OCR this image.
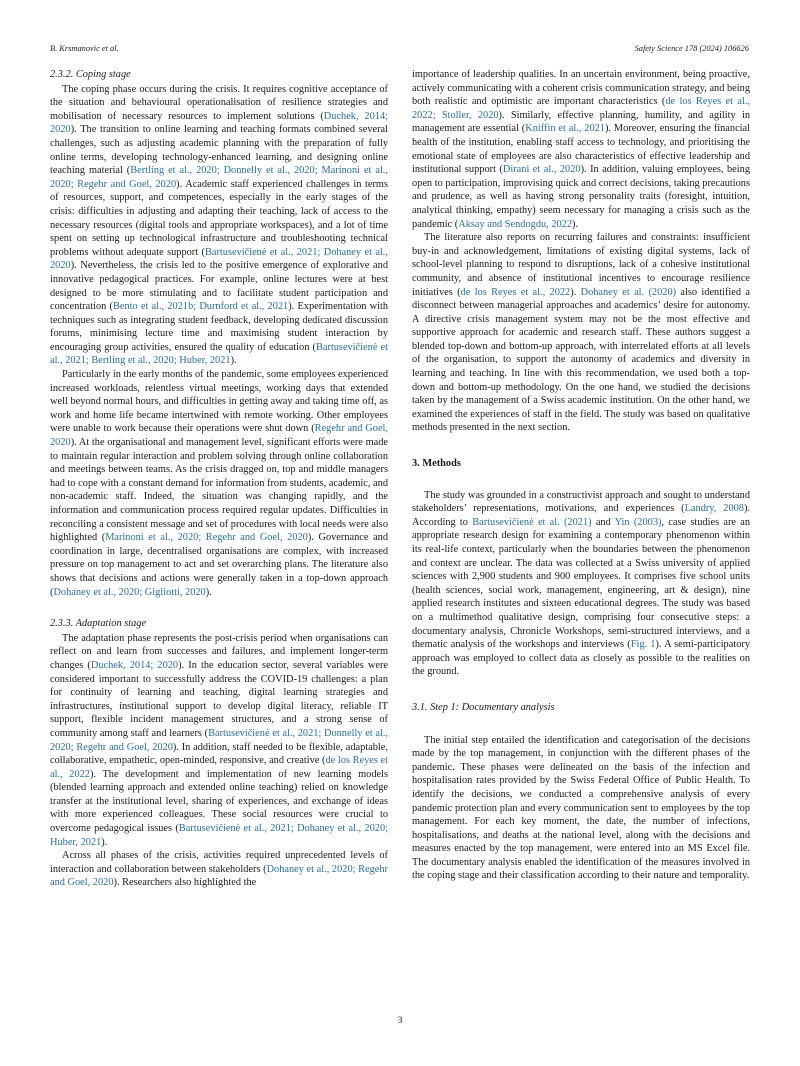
B. Krsmanovic et al.	Safety Science 178 (2024) 106626
2.3.2. Coping stage

The coping phase occurs during the crisis. It requires cognitive acceptance of the situation and behavioural operationalisation of resilience strategies and mobilisation of necessary resources to implement solutions (Duchek, 2014; 2020). The transition to online learning and teaching formats combined several challenges, such as adjusting academic planning with the preparation of fully online terms, developing technology-enhanced learning, and designing online teaching material (Bertling et al., 2020; Donnelly et al., 2020; Marinoni et al., 2020; Regehr and Goel, 2020). Academic staff experienced challenges in terms of resources, support, and competences, especially in the early stages of the crisis: difficulties in adjusting and adapting their teaching, lack of access to the necessary resources (digital tools and appropriate workspaces), and a lot of time spent on setting up technological infrastructure and troubleshooting technical problems without adequate support (Bartusevičienė et al., 2021; Dohaney et al., 2020). Nevertheless, the crisis led to the positive emergence of explorative and innovative pedagogical practices. For example, online lectures were at best designed to be more stimulating and to facilitate student participation and concentration (Bento et al., 2021b; Durnford et al., 2021). Experimentation with techniques such as integrating student feedback, developing dedicated discussion forums, minimising lecture time and maximising student interaction by encouraging group activities, ensured the quality of education (Bartusevičienė et al., 2021; Bertling et al., 2020; Huber, 2021).

Particularly in the early months of the pandemic, some employees experienced increased workloads, relentless virtual meetings, working days that extended well beyond normal hours, and difficulties in getting away and taking time off, as work and home life became intertwined with remote working. Other employees were unable to work because their operations were shut down (Regehr and Goel, 2020). At the organisational and management level, significant efforts were made to maintain regular interaction and problem solving through online collaboration and meetings between teams. As the crisis dragged on, top and middle managers had to cope with a constant demand for information from students, academic, and non-academic staff. Indeed, the situation was changing rapidly, and the information and communication process required regular updates. Difficulties in reconciling a consistent message and set of procedures with local needs were also highlighted (Marinoni et al., 2020; Regehr and Goel, 2020). Governance and coordination in large, decentralised organisations are complex, with increased pressure on top management to act and set overarching plans. The literature also shows that decisions and actions were generally taken in a top-down approach (Dohaney et al., 2020; Gigliotti, 2020).

2.3.3. Adaptation stage

The adaptation phase represents the post-crisis period when organisations can reflect on and learn from successes and failures, and implement longer-term changes (Duchek, 2014; 2020). In the education sector, several variables were considered important to successfully address the COVID-19 challenges: a plan for continuity of learning and teaching, digital learning strategies and infrastructures, institutional support to develop digital literacy, reliable IT support, flexible incident management structures, and a strong sense of community among staff and learners (Bartusevičienė et al., 2021; Donnelly et al., 2020; Regehr and Goel, 2020). In addition, staff needed to be flexible, adaptable, collaborative, empathetic, open-minded, responsive, and creative (de los Reyes et al., 2022). The development and implementation of new learning models (blended learning approach and extended online teaching) relied on knowledge transfer at the institutional level, sharing of experiences, and exchange of ideas with more experienced colleagues. These social resources were crucial to overcome pedagogical issues (Bartusevičienė et al., 2021; Dohaney et al., 2020; Huber, 2021).

Across all phases of the crisis, activities required unprecedented levels of interaction and collaboration between stakeholders (Dohaney et al., 2020; Regehr and Goel, 2020). Researchers also highlighted the

importance of leadership qualities. In an uncertain environment, being proactive, actively communicating with a coherent crisis communication strategy, and being both realistic and optimistic are important characteristics (de los Reyes et al., 2022; Stoller, 2020). Similarly, effective planning, humility, and agility in management are essential (Kniffin et al., 2021). Moreover, ensuring the financial health of the institution, enabling staff access to technology, and prioritising the emotional state of employees are also characteristics of effective leadership and institutional support (Dirani et al., 2020). In addition, valuing employees, being open to participation, improvising quick and correct decisions, taking precautions and prudence, as well as having strong personality traits (foresight, intuition, analytical thinking, empathy) seem necessary for managing a crisis such as the pandemic (Aksay and Sendogdu, 2022).

The literature also reports on recurring failures and constraints: insufficient buy-in and acknowledgement, limitations of existing digital systems, lack of school-level planning to respond to disruptions, lack of a cohesive institutional community, and absence of institutional incentives to encourage resilience initiatives (de los Reyes et al., 2022). Dohaney et al. (2020) also identified a disconnect between managerial approaches and academics’ desire for autonomy. A directive crisis management system may not be the most effective and supportive approach for academic and research staff. These authors suggest a blended top-down and bottom-up approach, with interrelated efforts at all levels of the organisation, to support the autonomy of academics and diversity in learning and teaching. In line with this recommendation, we used both a top-down and bottom-up methodology. On the one hand, we studied the decisions taken by the management of a Swiss academic institution. On the other hand, we examined the experiences of staff in the field. The study was based on qualitative methods presented in the next section.

3. Methods

The study was grounded in a constructivist approach and sought to understand stakeholders’ representations, motivations, and experiences (Landry, 2008). According to Bartusevičienė et al. (2021) and Yin (2003), case studies are an appropriate research design for examining a contemporary phenomenon within its real-life context, particularly when the boundaries between the phenomenon and context are unclear. The data was collected at a Swiss university of applied sciences with 2,900 students and 900 employees. It comprises five school units (health sciences, social work, management, engineering, art & design), nine applied research institutes and sixteen educational degrees. The study was based on a multimethod qualitative design, comprising four consecutive steps: a documentary analysis, Chronicle Workshops, semi-structured interviews, and a thematic analysis of the workshops and interviews (Fig. 1). A semi-participatory approach was employed to collect data as closely as possible to the realities on the ground.

3.1. Step 1: Documentary analysis

The initial step entailed the identification and categorisation of the decisions made by the top management, in conjunction with the different phases of the pandemic. These phases were delineated on the basis of the infection and hospitalisation rates provided by the Swiss Federal Office of Public Health. To identify the decisions, we conducted a comprehensive analysis of every pandemic protection plan and every communication sent to employees by the top management. For each key moment, the date, the number of infections, hospitalisations, and deaths at the national level, along with the decisions and measures enacted by the top management, were entered into an MS Excel file. The documentary analysis enabled the identification of the measures involved in the coping stage and their classification according to their nature and temporality.

3
